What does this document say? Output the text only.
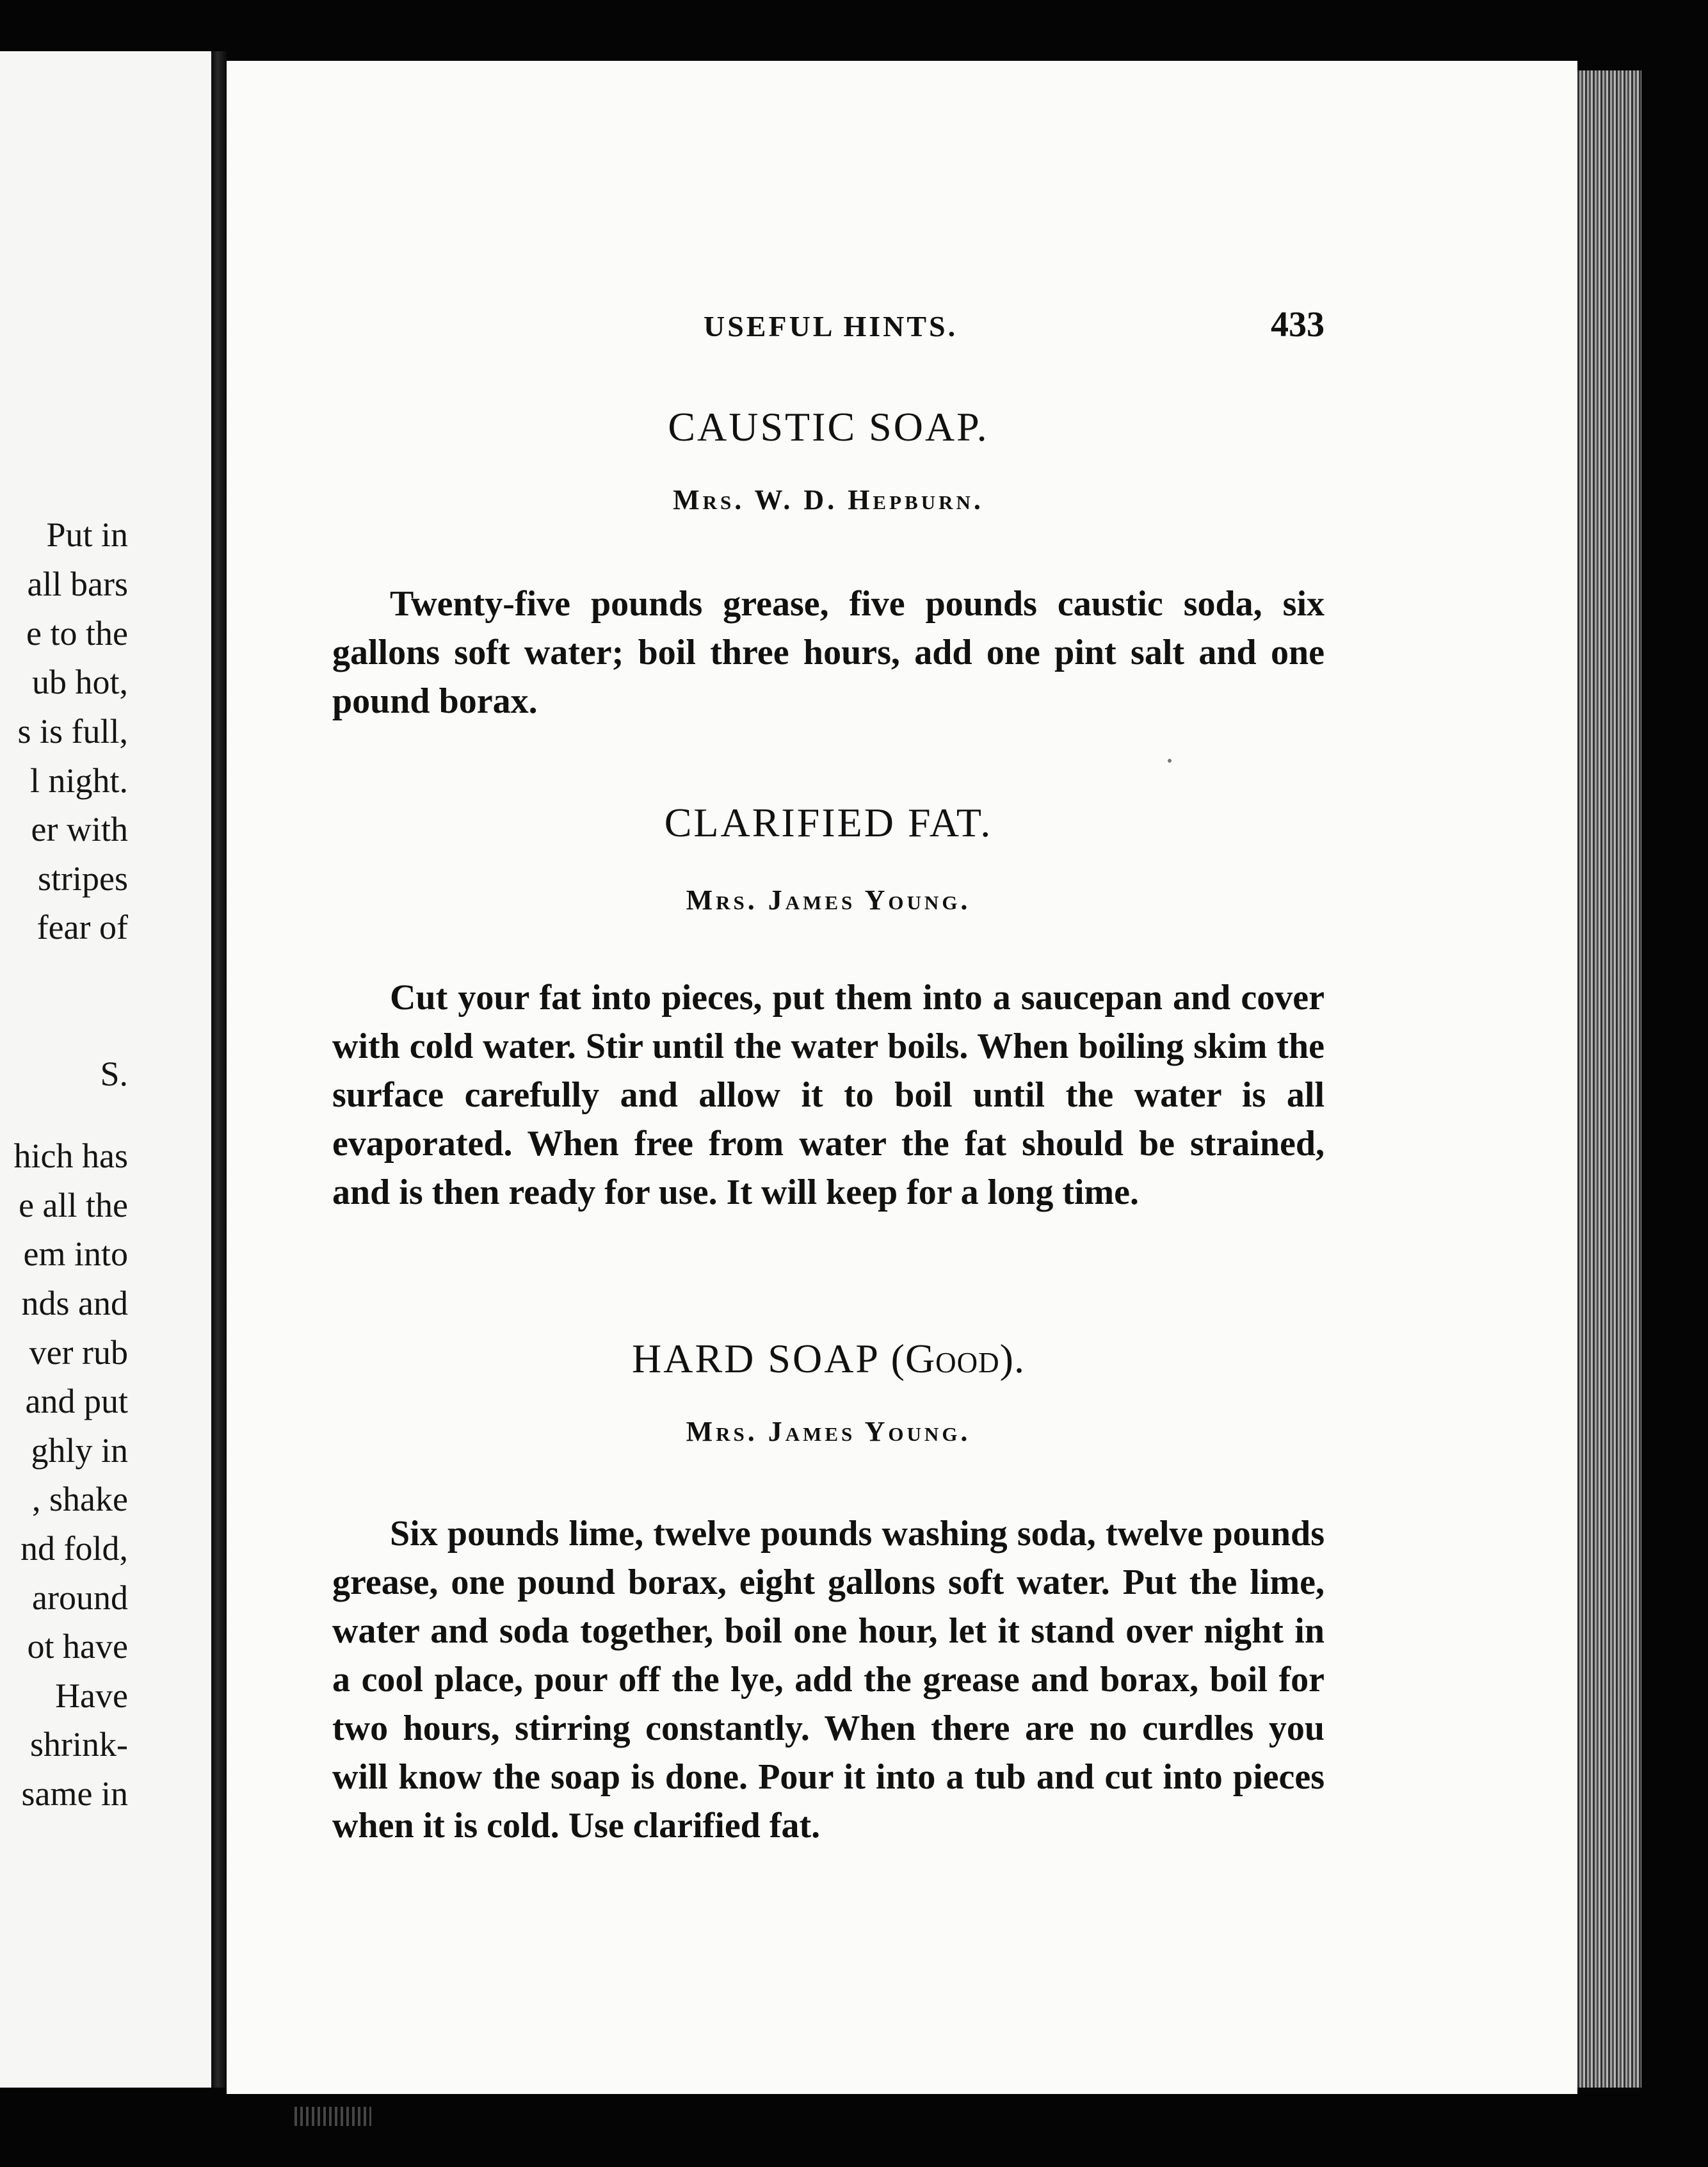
Put in
all bars
e to the
ub hot,
s is full,
l night.
er with
stripes
fear of
S.
hich has
e all the
em into
nds and
ver rub
and put
ghly in
, shake
nd fold,
around
ot have
Have
shrink-
same in
USEFUL HINTS.	433
CAUSTIC SOAP.
Mrs. W. D. Hepburn.
Twenty-five pounds grease, five pounds caustic soda, six gallons soft water; boil three hours, add one pint salt and one pound borax.
CLARIFIED FAT.
Mrs. James Young.
Cut your fat into pieces, put them into a saucepan and cover with cold water. Stir until the water boils. When boiling skim the surface carefully and allow it to boil until the water is all evaporated. When free from water the fat should be strained, and is then ready for use. It will keep for a long time.
HARD SOAP (Good).
Mrs. James Young.
Six pounds lime, twelve pounds washing soda, twelve pounds grease, one pound borax, eight gallons soft water. Put the lime, water and soda together, boil one hour, let it stand over night in a cool place, pour off the lye, add the grease and borax, boil for two hours, stirring constantly. When there are no curdles you will know the soap is done. Pour it into a tub and cut into pieces when it is cold. Use clarified fat.
